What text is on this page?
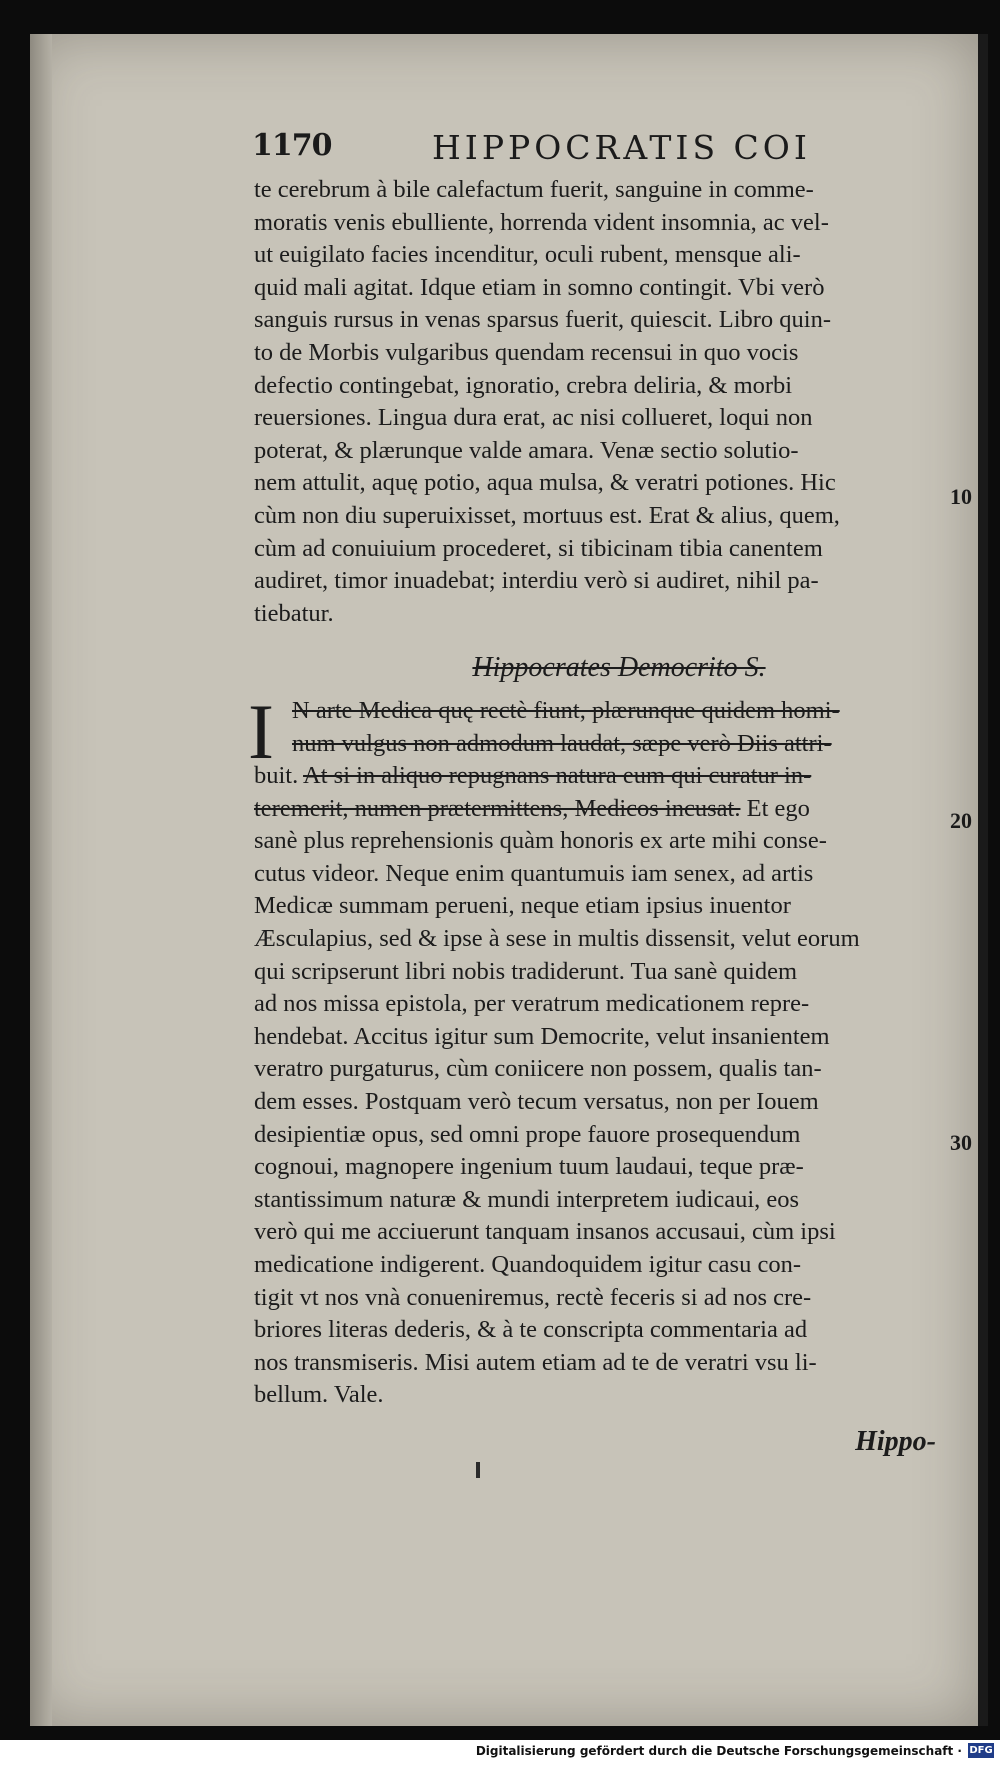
1170	HIPPOCRATIS COI
te cerebrum à bile calefactum fuerit, sanguine in comme-
moratis venis ebulliente, horrenda vident insomnia, ac vel-
ut euigilato facies incenditur, oculi rubent, mensque ali-
quid mali agitat. Idque etiam in somno contingit. Vbi verò
sanguis rursus in venas sparsus fuerit, quiescit. Libro quin-
to de Morbis vulgaribus quendam recensui in quo vocis
defectio contingebat, ignoratio, crebra deliria, & morbi
reuersiones. Lingua dura erat, ac nisi collueret, loqui non
poterat, & plærunque valde amara. Venæ sectio solutio-
nem attulit, aquę potio, aqua mulsa, & veratri potiones. Hic
cùm non diu superuixisset, mortuus est. Erat & alius, quem,
cùm ad conuiuium procederet, si tibicinam tibia canentem
audiret, timor inuadebat; interdiu verò si audiret, nihil pa-
tiebatur.
Hippocrates Democrito S.
I N arte Medica quę rectè fiunt, plærunque quidem homi-
num vulgus non admodum laudat, sæpe verò Diis attri-
buit. At si in aliquo repugnans natura eum qui curatur in-
teremerit, numen prætermittens, Medicos incusat. Et ego
sanè plus reprehensionis quàm honoris ex arte mihi conse-
cutus videor. Neque enim quantumuis iam senex, ad artis
Medicæ summam perueni, neque etiam ipsius inuentor
Æsculapius, sed & ipse à sese in multis dissensit, velut eorum
qui scripserunt libri nobis tradiderunt. Tua sanè quidem
ad nos missa epistola, per veratrum medicationem repre-
hendebat. Accitus igitur sum Democrite, velut insanientem
veratro purgaturus, cùm coniicere non possem, qualis tan-
dem esses. Postquam verò tecum versatus, non per Iouem
desipientiæ opus, sed omni prope fauore prosequendum
cognoui, magnopere ingenium tuum laudaui, teque præ-
stantissimum naturæ & mundi interpretem iudicaui, eos
verò qui me acciuerunt tanquam insanos accusaui, cùm ipsi
medicatione indigerent. Quandoquidem igitur casu con-
tigit vt nos vnà conueniremus, rectè feceris si ad nos cre-
briores literas dederis, & à te conscripta commentaria ad
nos transmiseris. Misi autem etiam ad te de veratri vsu li-
bellum. Vale.
Hippo-
10
20
30
Digitalisierung gefördert durch die Deutsche Forschungsgemeinschaft · DFG
